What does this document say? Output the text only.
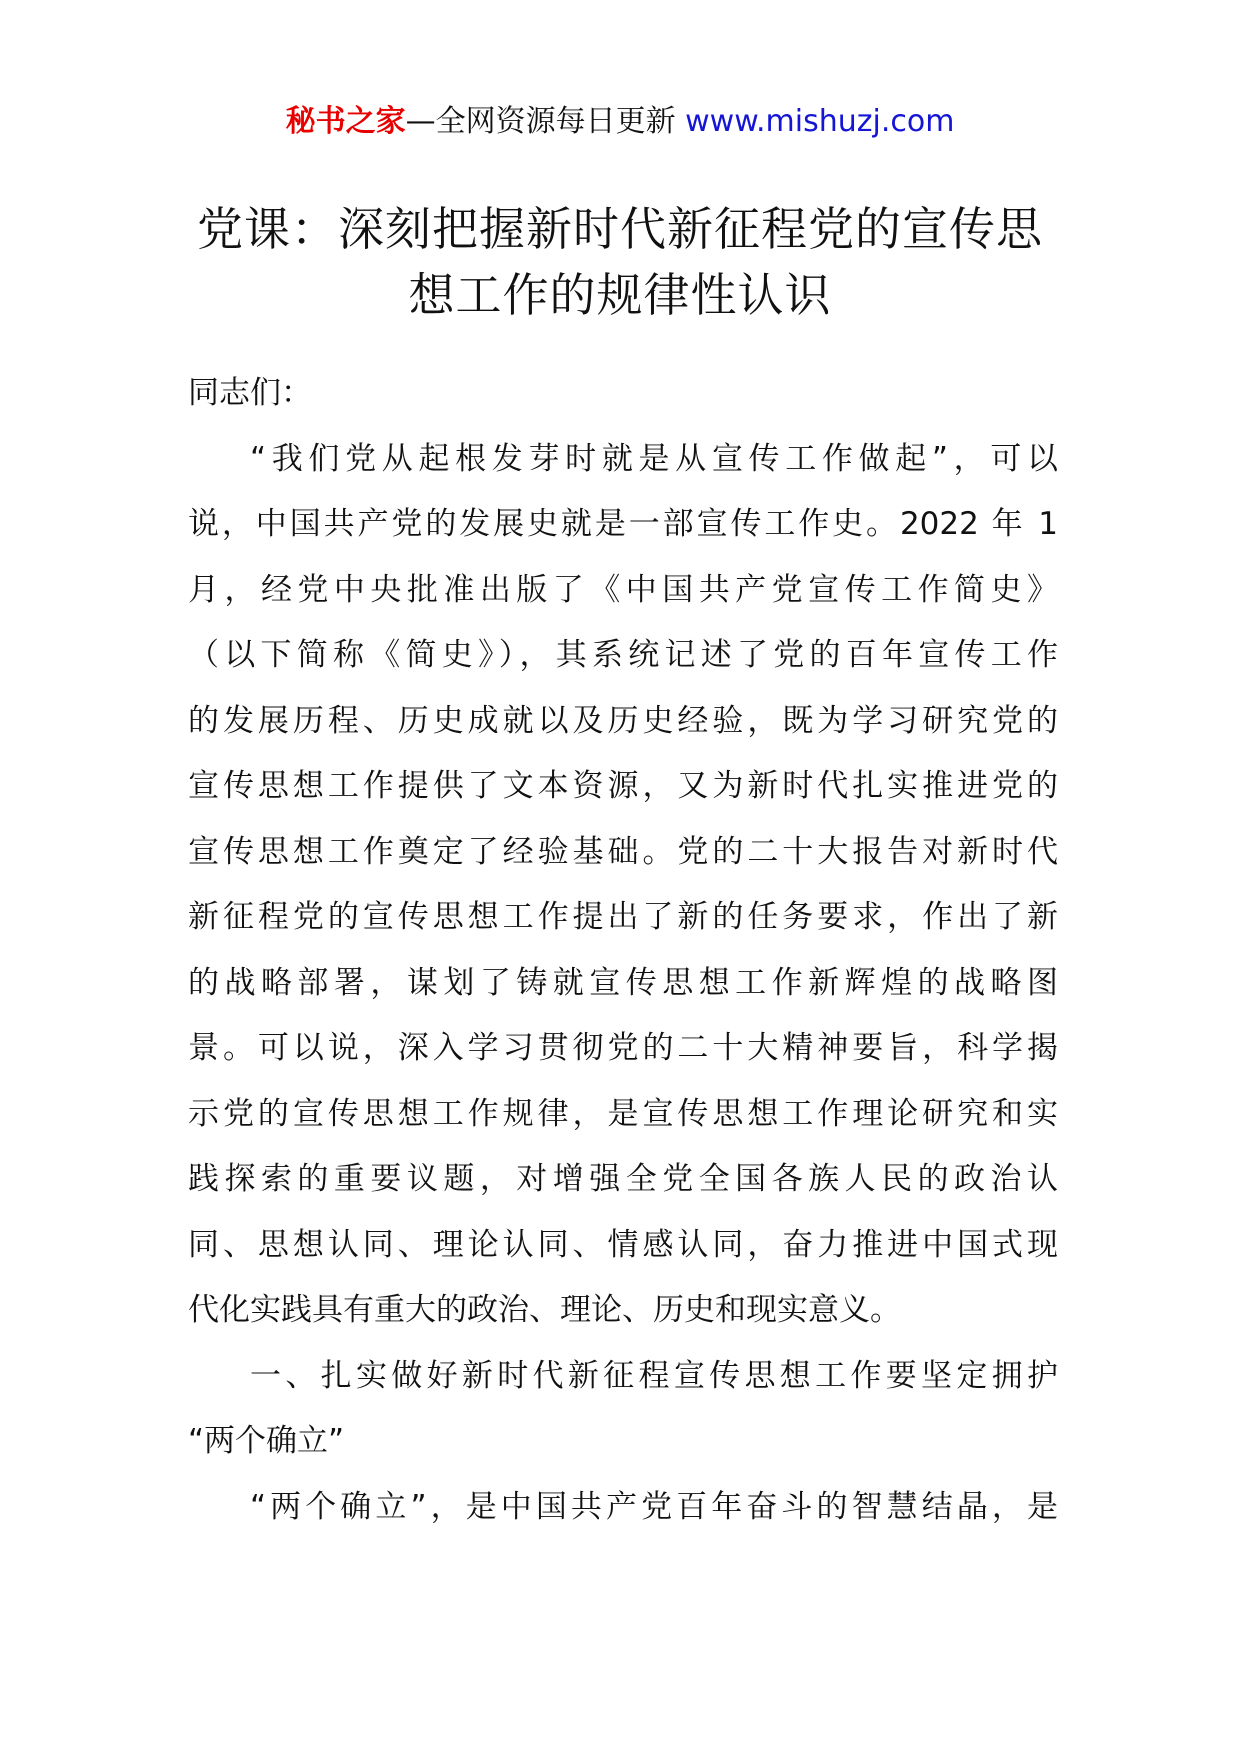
秘书之家—全网资源每日更新 www.mishuzj.com
党课：深刻把握新时代新征程党的宣传思
想工作的规律性认识
同志们：
“我们党从起根发芽时就是从宣传工作做起”，可以
说，中国共产党的发展史就是一部宣传工作史。2022 年 1
月，经党中央批准出版了《中国共产党宣传工作简史》
（以下简称《简史》），其系统记述了党的百年宣传工作
的发展历程、历史成就以及历史经验，既为学习研究党的
宣传思想工作提供了文本资源，又为新时代扎实推进党的
宣传思想工作奠定了经验基础。党的二十大报告对新时代
新征程党的宣传思想工作提出了新的任务要求，作出了新
的战略部署，谋划了铸就宣传思想工作新辉煌的战略图
景。可以说，深入学习贯彻党的二十大精神要旨，科学揭
示党的宣传思想工作规律，是宣传思想工作理论研究和实
践探索的重要议题，对增强全党全国各族人民的政治认
同、思想认同、理论认同、情感认同，奋力推进中国式现
代化实践具有重大的政治、理论、历史和现实意义。
一、扎实做好新时代新征程宣传思想工作要坚定拥护
“两个确立”
“两个确立”，是中国共产党百年奋斗的智慧结晶，是
